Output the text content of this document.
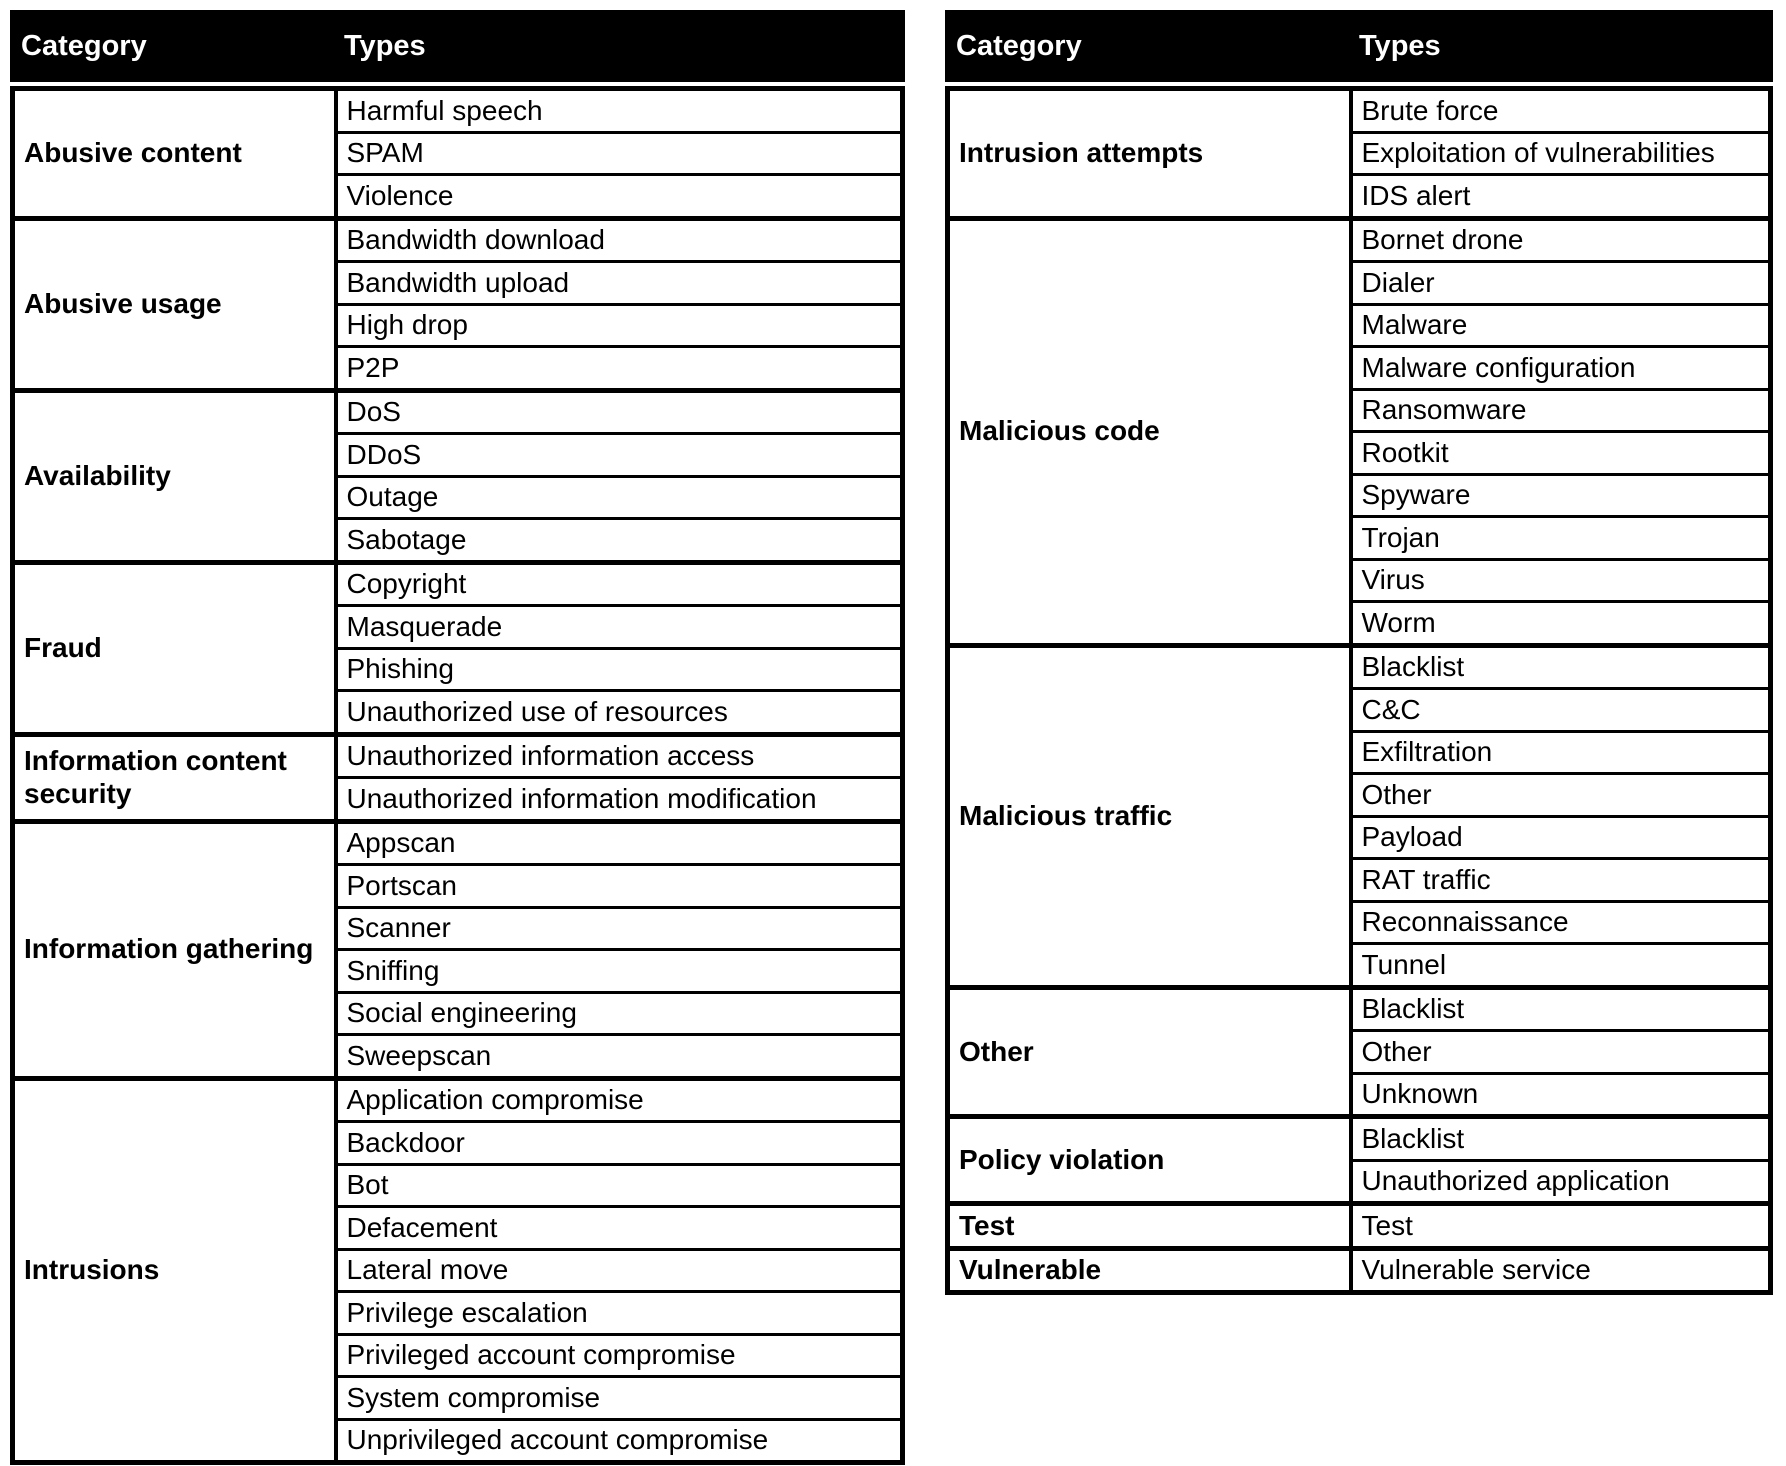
Category	Types
Abusive content	Harmful speech
	SPAM
	Violence
Abusive usage	Bandwidth download
	Bandwidth upload
	High drop
	P2P
Availability	DoS
	DDoS
	Outage
	Sabotage
Fraud	Copyright
	Masquerade
	Phishing
	Unauthorized use of resources
Information content security	Unauthorized information access
	Unauthorized information modification
Information gathering	Appscan
	Portscan
	Scanner
	Sniffing
	Social engineering
	Sweepscan
Intrusions	Application compromise
	Backdoor
	Bot
	Defacement
	Lateral move
	Privilege escalation
	Privileged account compromise
	System compromise
	Unprivileged account compromise
Category	Types
Intrusion attempts	Brute force
	Exploitation of vulnerabilities
	IDS alert
Malicious code	Bornet drone
	Dialer
	Malware
	Malware configuration
	Ransomware
	Rootkit
	Spyware
	Trojan
	Virus
	Worm
Malicious traffic	Blacklist
	C&C
	Exfiltration
	Other
	Payload
	RAT traffic
	Reconnaissance
	Tunnel
Other	Blacklist
	Other
	Unknown
Policy violation	Blacklist
	Unauthorized application
Test	Test
Vulnerable	Vulnerable service
